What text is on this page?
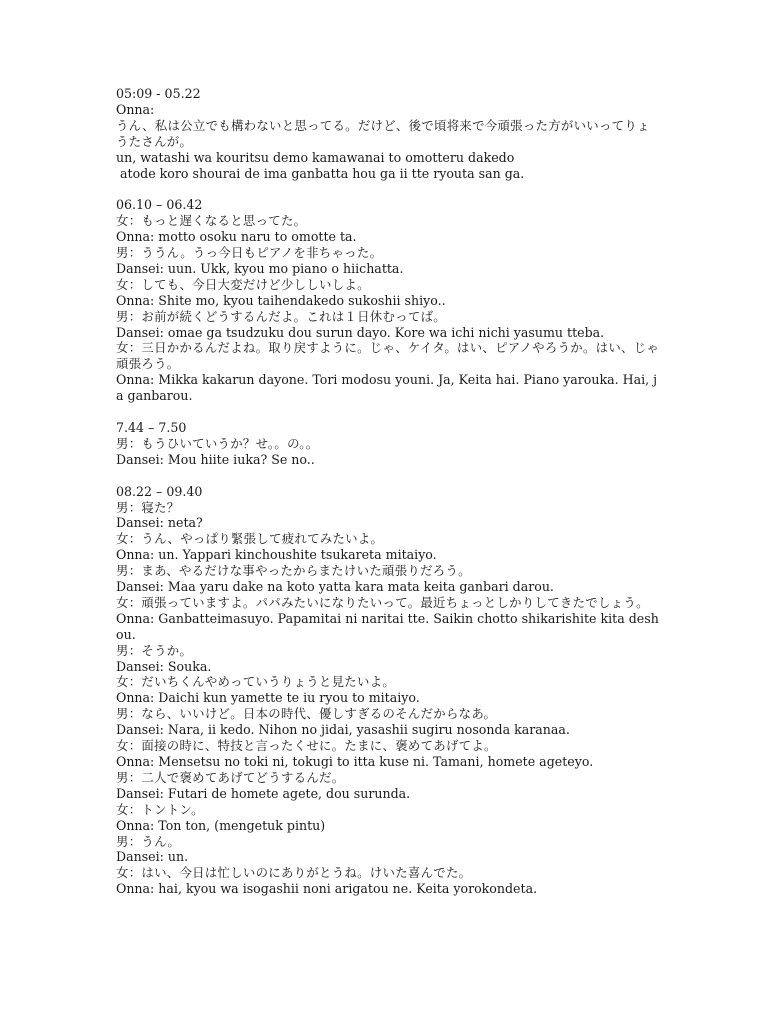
05:09 - 05.22

Onna:

うん、私は公立でも構わないと思ってる。だけど、後で頃将来で今頑張った方がいいってりょうたさんが。

un, watashi wa kouritsu demo kamawanai to omotteru dakedo

atode koro shourai de ima ganbatta hou ga ii tte ryouta san ga.

06.10 – 06.42

女：もっと遅くなると思ってた。

Onna: motto osoku naru to omotte ta.

男：ううん。うっ今日もピアノを非ちゃった。

Dansei: uun. Ukk, kyou mo piano o hiichatta.

女：しても、今日大変だけど少ししいしよ。

Onna: Shite mo, kyou taihendakedo sukoshii shiyo..

男：お前が続くどうするんだよ。これは１日休むってば。

Dansei: omae ga tsudzuku dou surun dayo. Kore wa ichi nichi yasumu tteba.

女：三日かかるんだよね。取り戻すように。じゃ、ケイタ。はい、ピアノやろうか。はい、じゃ頑張ろう。

Onna: Mikka kakarun dayone. Tori modosu youni. Ja, Keita hai. Piano yarouka. Hai, ja ganbarou.

7.44 – 7.50

男：もうひいていうか？せ。。の。。

Dansei: Mou hiite iuka? Se no..

08.22 – 09.40

男：寝た？

Dansei: neta?

女：うん、やっぱり緊張して疲れてみたいよ。

Onna: un. Yappari kinchoushite tsukareta mitaiyo.

男：まあ、やるだけな事やったからまたけいた頑張りだろう。

Dansei: Maa yaru dake na koto yatta kara mata keita ganbari darou.

女：頑張っていますよ。パパみたいになりたいって。最近ちょっとしかりしてきたでしょう。

Onna: Ganbatteimasuyo. Papamitai ni naritai tte. Saikin chotto shikarishite kita deshou.

男：そうか。

Dansei: Souka.

女：だいちくんやめっていうりょうと見たいよ。

Onna: Daichi kun yamette te iu ryou to mitaiyo.

男：なら、いいけど。日本の時代、優しすぎるのそんだからなあ。

Dansei: Nara, ii kedo. Nihon no jidai, yasashii sugiru nosonda karanaa.

女：面接の時に、特技と言ったくせに。たまに、褒めてあげてよ。

Onna: Mensetsu no toki ni, tokugi to itta kuse ni. Tamani, homete ageteyo.

男：二人で褒めてあげてどうするんだ。

Dansei: Futari de homete agete, dou surunda.

女：トントン。

Onna: Ton ton, (mengetuk pintu)

男：うん。

Dansei: un.

女：はい、今日は忙しいのにありがとうね。けいた喜んでた。

Onna: hai, kyou wa isogashii noni arigatou ne. Keita yorokondeta.
